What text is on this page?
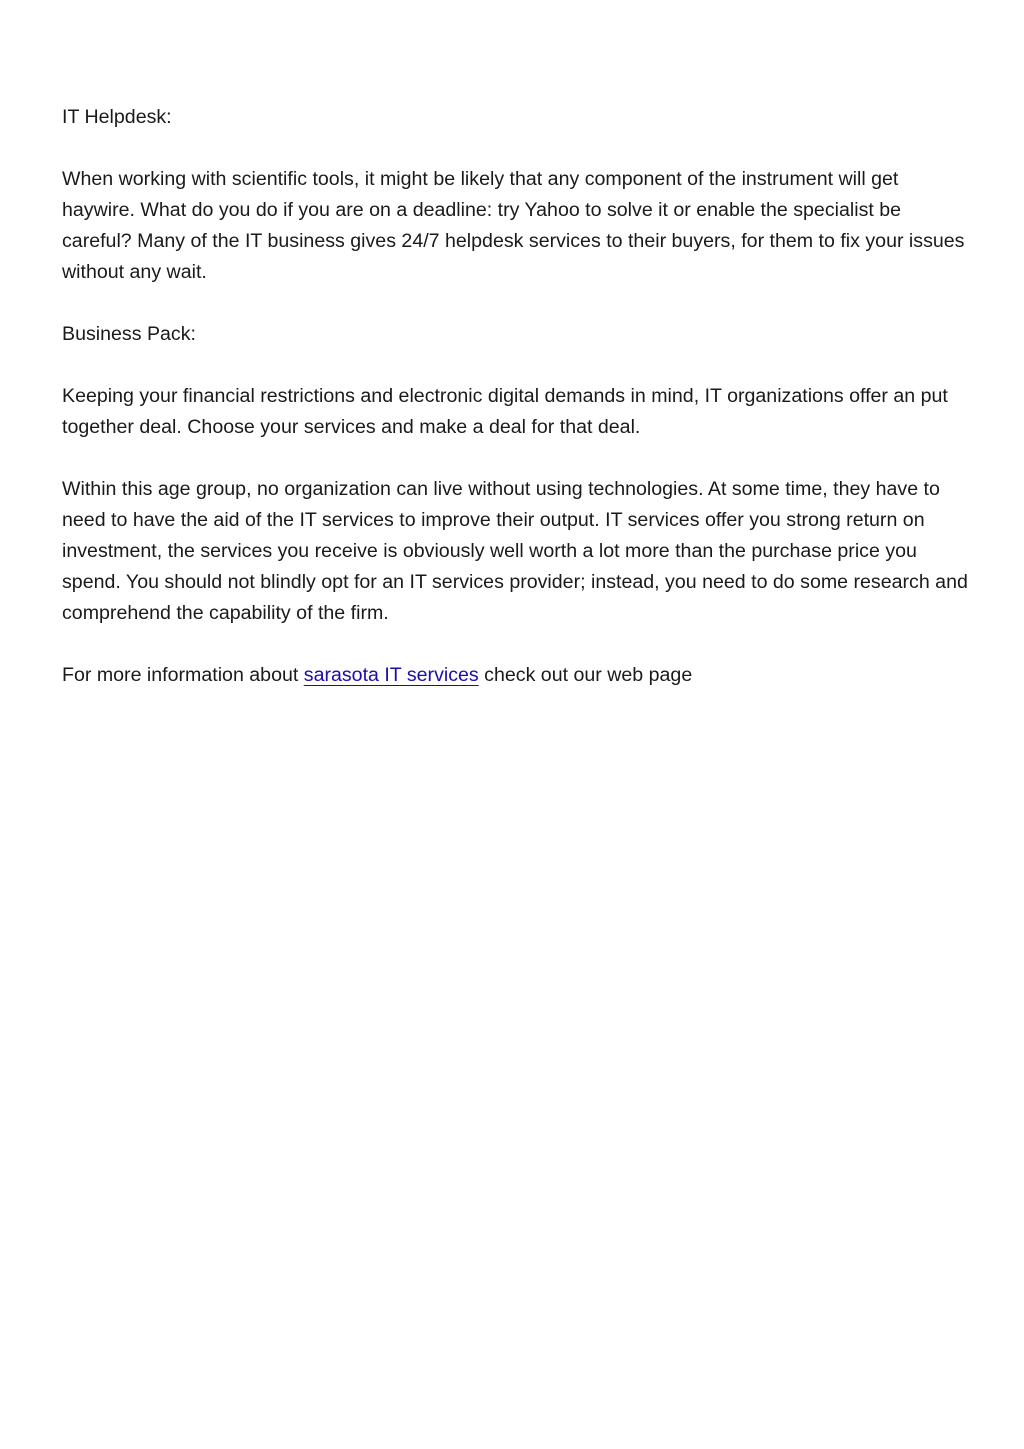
IT Helpdesk:

When working with scientific tools, it might be likely that any component of the instrument will get haywire. What do you do if you are on a deadline: try Yahoo to solve it or enable the specialist be careful? Many of the IT business gives 24/7 helpdesk services to their buyers, for them to fix your issues without any wait.

Business Pack:

Keeping your financial restrictions and electronic digital demands in mind, IT organizations offer an put together deal. Choose your services and make a deal for that deal.

Within this age group, no organization can live without using technologies. At some time, they have to need to have the aid of the IT services to improve their output. IT services offer you strong return on investment, the services you receive is obviously well worth a lot more than the purchase price you spend. You should not blindly opt for an IT services provider; instead, you need to do some research and comprehend the capability of the firm.

For more information about sarasota IT services check out our web page
